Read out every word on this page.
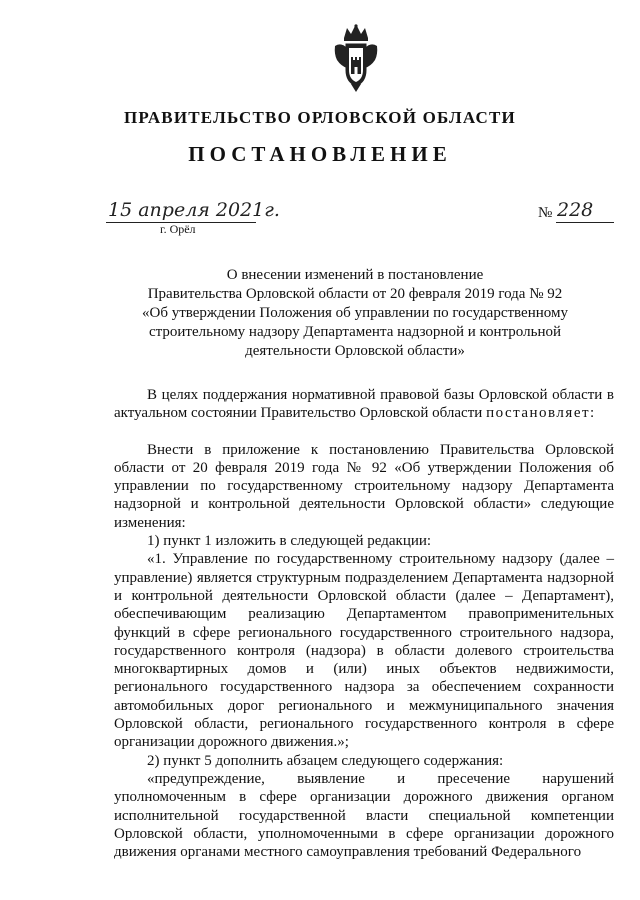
ПРАВИТЕЛЬСТВО ОРЛОВСКОЙ ОБЛАСТИ
ПОСТАНОВЛЕНИЕ
15 апреля 2021г.
г. Орёл
№ 228
О внесении изменений в постановление
Правительства Орловской области от 20 февраля 2019 года № 92
«Об утверждении Положения об управлении по государственному
строительному надзору Департамента надзорной и контрольной
деятельности Орловской области»

В целях поддержания нормативной правовой базы Орловской области в актуальном состоянии Правительство Орловской области постановляет:

Внести в приложение к постановлению Правительства Орловской области от 20 февраля 2019 года № 92 «Об утверждении Положения об управлении по государственному строительному надзору Департамента надзорной и контрольной деятельности Орловской области» следующие изменения:

1) пункт 1 изложить в следующей редакции:

«1. Управление по государственному строительному надзору (далее – управление) является структурным подразделением Департамента надзорной и контрольной деятельности Орловской области (далее – Департамент), обеспечивающим реализацию Департаментом правоприменительных функций в сфере регионального государственного строительного надзора, государственного контроля (надзора) в области долевого строительства многоквартирных домов и (или) иных объектов недвижимости, регионального государственного надзора за обеспечением сохранности автомобильных дорог регионального и межмуниципального значения Орловской области, регионального государственного контроля в сфере организации дорожного движения.»;

2) пункт 5 дополнить абзацем следующего содержания:

«предупреждение, выявление и пресечение нарушений уполномоченным в сфере организации дорожного движения органом исполнительной государственной власти специальной компетенции Орловской области, уполномоченными в сфере организации дорожного движения органами местного самоуправления требований Федерального
